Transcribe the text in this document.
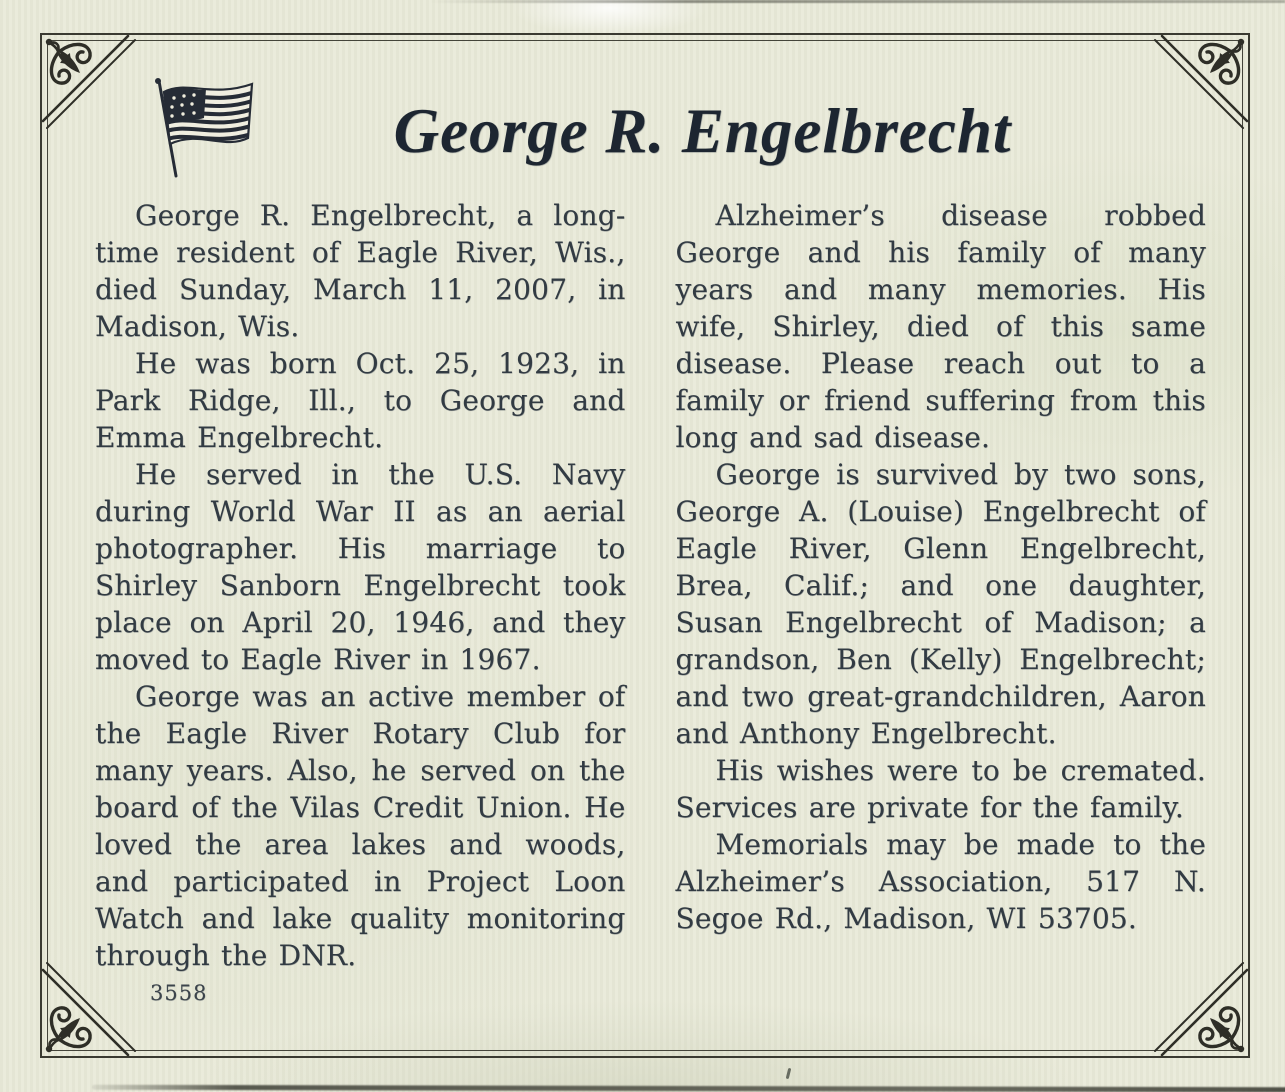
George R. Engelbrecht

George R. Engelbrecht, a long-time resident of Eagle River, Wis., died Sunday, March 11, 2007, in Madison, Wis.

He was born Oct. 25, 1923, in Park Ridge, Ill., to George and Emma Engelbrecht.

He served in the U.S. Navy during World War II as an aerial photographer. His marriage to Shirley Sanborn Engelbrecht took place on April 20, 1946, and they moved to Eagle River in 1967.

George was an active member of the Eagle River Rotary Club for many years. Also, he served on the board of the Vilas Credit Union. He loved the area lakes and woods, and participated in Project Loon Watch and lake quality monitoring through the DNR.

Alzheimer’s disease robbed George and his family of many years and many memories. His wife, Shirley, died of this same disease. Please reach out to a family or friend suffering from this long and sad disease.

George is survived by two sons, George A. (Louise) Engelbrecht of Eagle River, Glenn Engelbrecht, Brea, Calif.; and one daughter, Susan Engelbrecht of Madison; a grandson, Ben (Kelly) Engelbrecht; and two great-grandchildren, Aaron and Anthony Engelbrecht.

His wishes were to be cremated. Services are private for the family.

Memorials may be made to the Alzheimer’s Association, 517 N. Segoe Rd., Madison, WI 53705.

3558
